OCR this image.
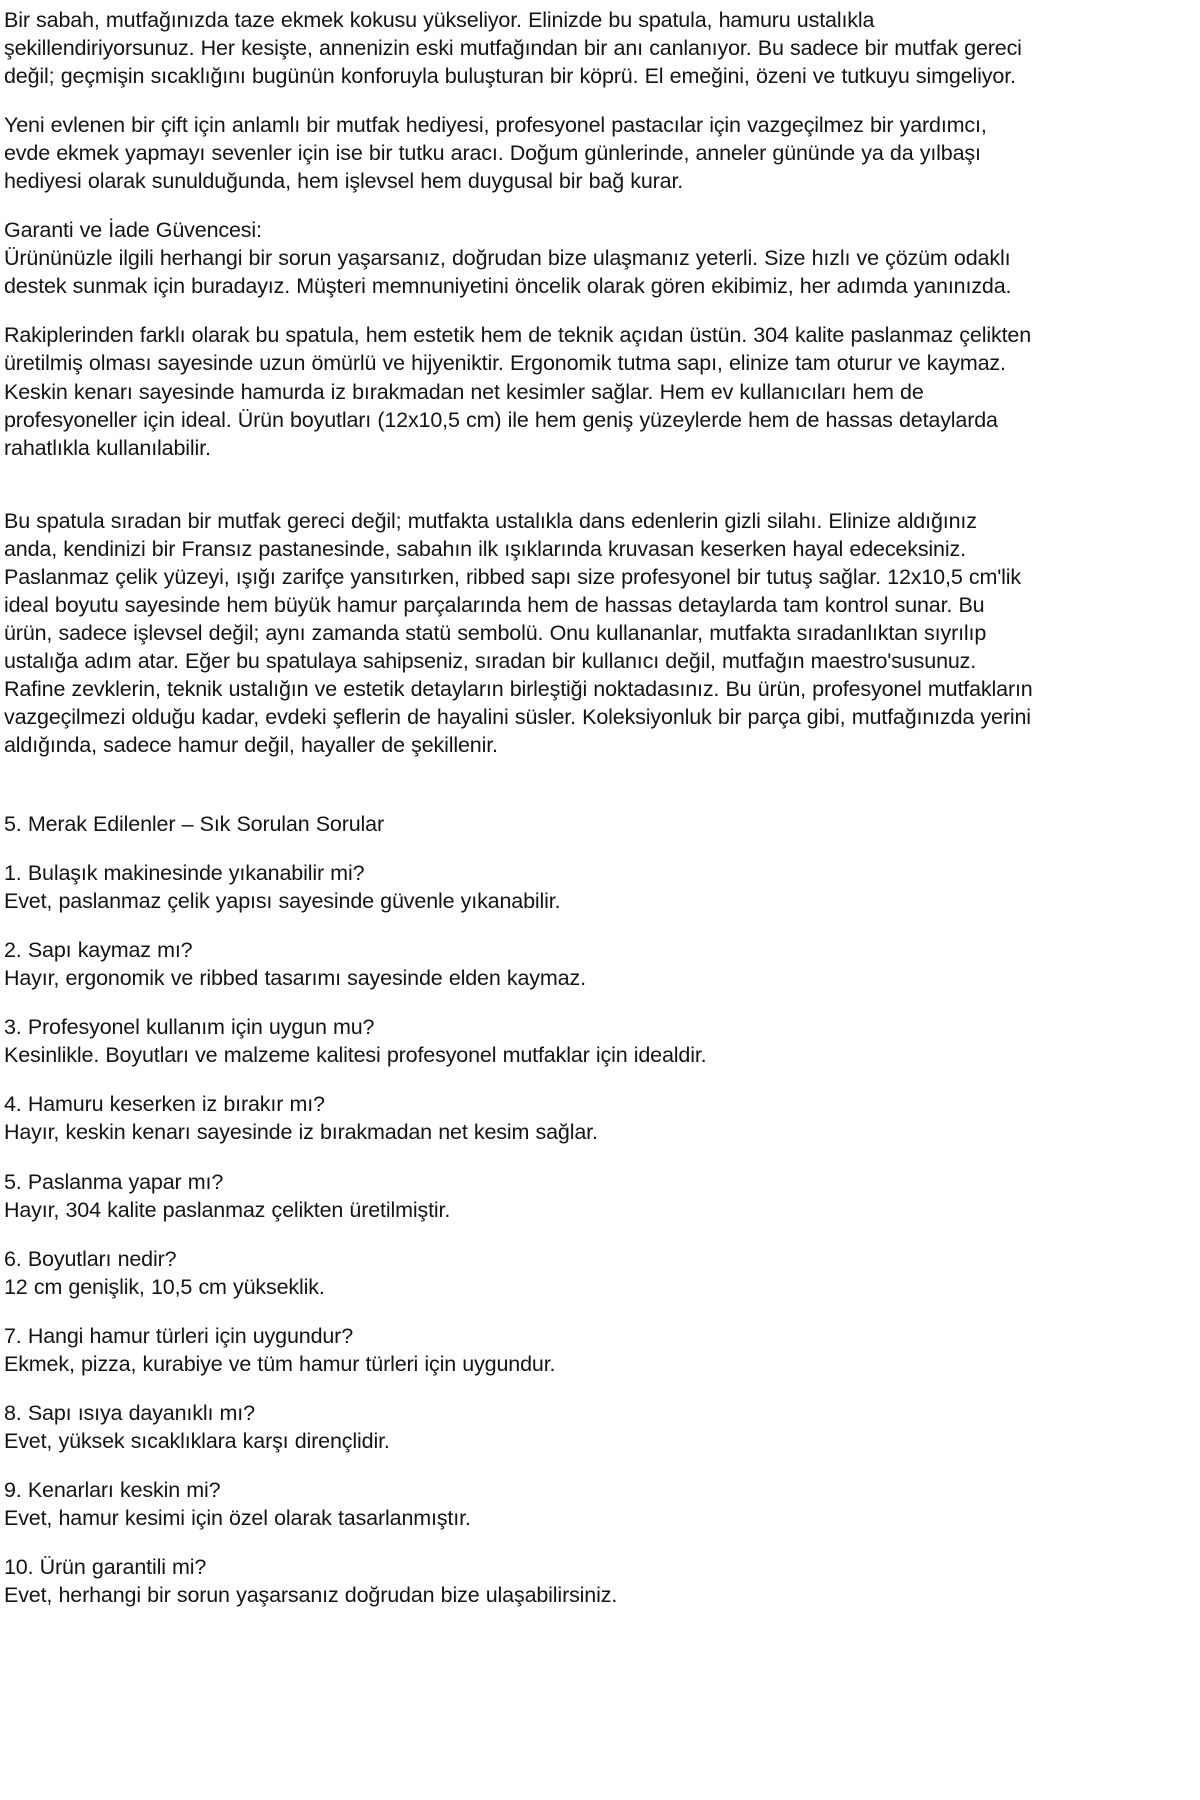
Bir sabah, mutfağınızda taze ekmek kokusu yükseliyor. Elinizde bu spatula, hamuru ustalıkla şekillendiriyorsunuz. Her kesişte, annenizin eski mutfağından bir anı canlanıyor. Bu sadece bir mutfak gereci değil; geçmişin sıcaklığını bugünün konforuyla buluşturan bir köprü. El emeğini, özeni ve tutkuyu simgeliyor.

Yeni evlenen bir çift için anlamlı bir mutfak hediyesi, profesyonel pastacılar için vazgeçilmez bir yardımcı, evde ekmek yapmayı sevenler için ise bir tutku aracı. Doğum günlerinde, anneler gününde ya da yılbaşı hediyesi olarak sunulduğunda, hem işlevsel hem duygusal bir bağ kurar.

Garanti ve İade Güvencesi:

Ürününüzle ilgili herhangi bir sorun yaşarsanız, doğrudan bize ulaşmanız yeterli. Size hızlı ve çözüm odaklı destek sunmak için buradayız. Müşteri memnuniyetini öncelik olarak gören ekibimiz, her adımda yanınızda.

Rakiplerinden farklı olarak bu spatula, hem estetik hem de teknik açıdan üstün. 304 kalite paslanmaz çelikten üretilmiş olması sayesinde uzun ömürlü ve hijyeniktir. Ergonomik tutma sapı, elinize tam oturur ve kaymaz. Keskin kenarı sayesinde hamurda iz bırakmadan net kesimler sağlar. Hem ev kullanıcıları hem de profesyoneller için ideal. Ürün boyutları (12x10,5 cm) ile hem geniş yüzeylerde hem de hassas detaylarda rahatlıkla kullanılabilir.

Bu spatula sıradan bir mutfak gereci değil; mutfakta ustalıkla dans edenlerin gizli silahı. Elinize aldığınız anda, kendinizi bir Fransız pastanesinde, sabahın ilk ışıklarında kruvasan keserken hayal edeceksiniz. Paslanmaz çelik yüzeyi, ışığı zarifçe yansıtırken, ribbed sapı size profesyonel bir tutuş sağlar. 12x10,5 cm'lik ideal boyutu sayesinde hem büyük hamur parçalarında hem de hassas detaylarda tam kontrol sunar. Bu ürün, sadece işlevsel değil; aynı zamanda statü sembolü. Onu kullananlar, mutfakta sıradanlıktan sıyrılıp ustalığa adım atar. Eğer bu spatulaya sahipseniz, sıradan bir kullanıcı değil, mutfağın maestro'susunuz. Rafine zevklerin, teknik ustalığın ve estetik detayların birleştiği noktadasınız. Bu ürün, profesyonel mutfakların vazgeçilmezi olduğu kadar, evdeki şeflerin de hayalini süsler. Koleksiyonluk bir parça gibi, mutfağınızda yerini aldığında, sadece hamur değil, hayaller de şekillenir.

5. Merak Edilenler – Sık Sorulan Sorular

1. Bulaşık makinesinde yıkanabilir mi?
Evet, paslanmaz çelik yapısı sayesinde güvenle yıkanabilir.
2. Sapı kaymaz mı?
Hayır, ergonomik ve ribbed tasarımı sayesinde elden kaymaz.
3. Profesyonel kullanım için uygun mu?
Kesinlikle. Boyutları ve malzeme kalitesi profesyonel mutfaklar için idealdir.
4. Hamuru keserken iz bırakır mı?
Hayır, keskin kenarı sayesinde iz bırakmadan net kesim sağlar.
5. Paslanma yapar mı?
Hayır, 304 kalite paslanmaz çelikten üretilmiştir.
6. Boyutları nedir?
12 cm genişlik, 10,5 cm yükseklik.
7. Hangi hamur türleri için uygundur?
Ekmek, pizza, kurabiye ve tüm hamur türleri için uygundur.
8. Sapı ısıya dayanıklı mı?
Evet, yüksek sıcaklıklara karşı dirençlidir.
9. Kenarları keskin mi?
Evet, hamur kesimi için özel olarak tasarlanmıştır.
10. Ürün garantili mi?
Evet, herhangi bir sorun yaşarsanız doğrudan bize ulaşabilirsiniz.
